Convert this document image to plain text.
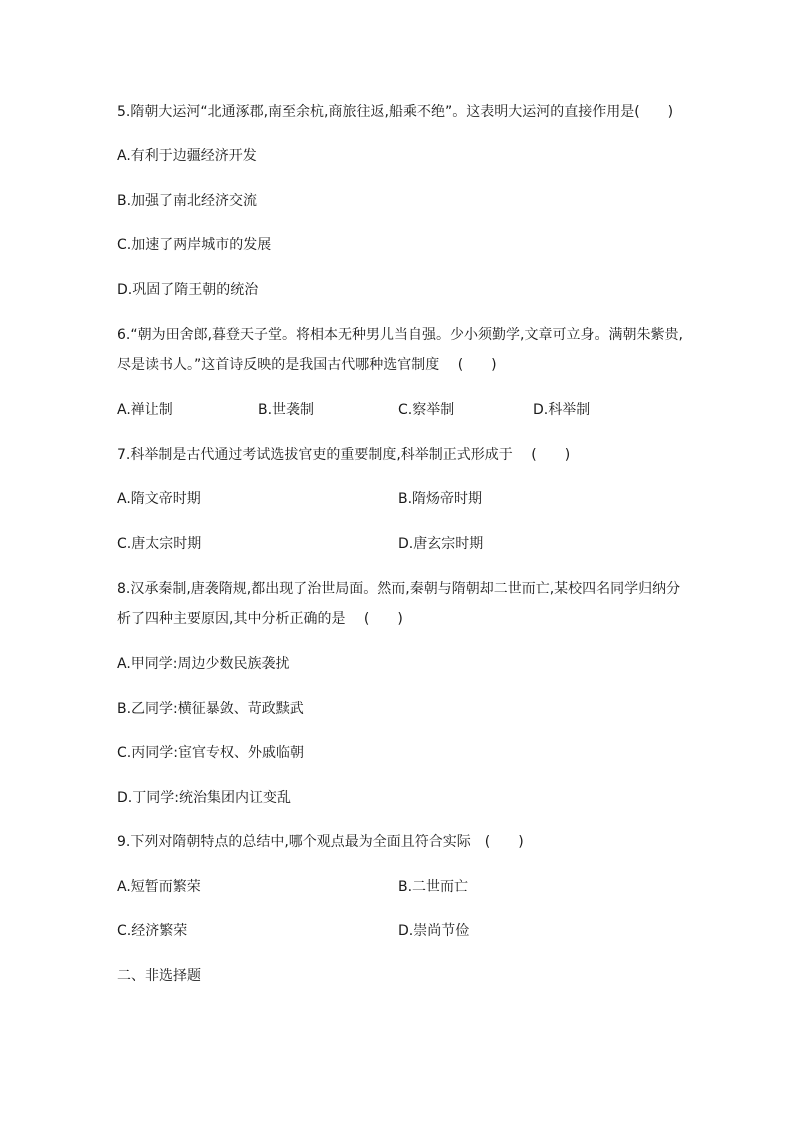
5.隋朝大运河“北通涿郡,南至余杭,商旅往返,船乘不绝”。这表明大运河的直接作用是(　　)
A.有利于边疆经济开发
B.加强了南北经济交流
C.加速了两岸城市的发展
D.巩固了隋王朝的统治
6.“朝为田舍郎,暮登天子堂。将相本无种男儿当自强。少小须勤学,文章可立身。满朝朱紫贵,
尽是读书人。”这首诗反映的是我国古代哪种选官制度　 (　　)
A.禅让制	B.世袭制	C.察举制	D.科举制
7.科举制是古代通过考试选拔官吏的重要制度,科举制正式形成于　 (　　)
A.隋文帝时期	B.隋炀帝时期
C.唐太宗时期	D.唐玄宗时期
8.汉承秦制,唐袭隋规,都出现了治世局面。然而,秦朝与隋朝却二世而亡,某校四名同学归纳分
析了四种主要原因,其中分析正确的是　 (　　)
A.甲同学:周边少数民族袭扰
B.乙同学:横征暴敛、苛政黩武
C.丙同学:宦官专权、外戚临朝
D.丁同学:统治集团内讧变乱
9.下列对隋朝特点的总结中,哪个观点最为全面且符合实际　(　　)
A.短暂而繁荣	B.二世而亡
C.经济繁荣	D.崇尚节俭
二、非选择题
